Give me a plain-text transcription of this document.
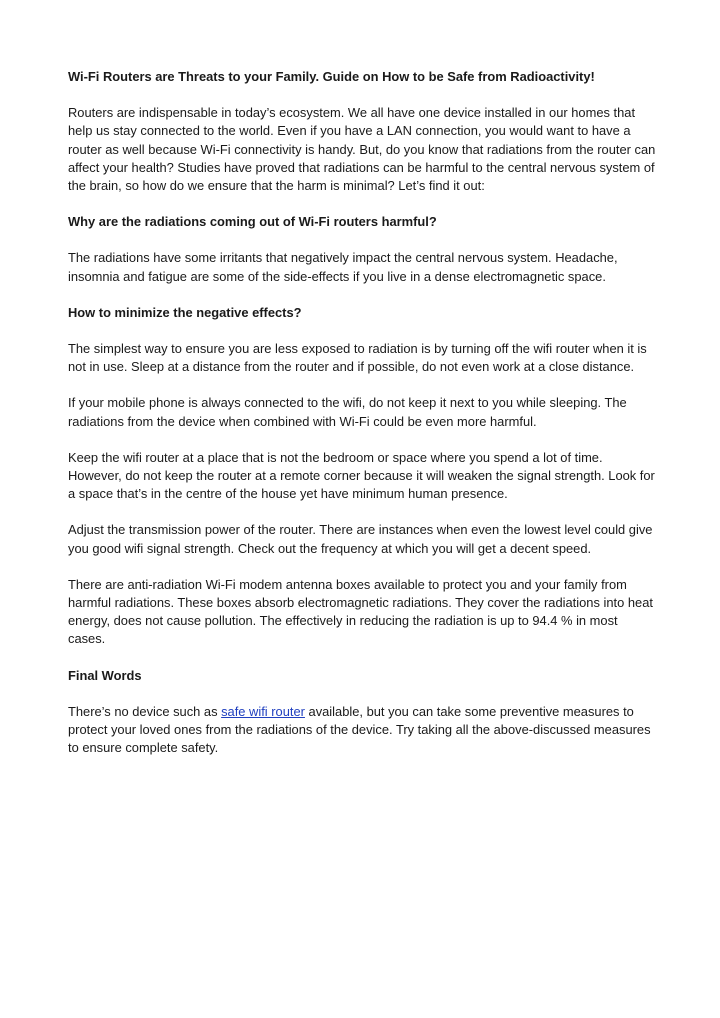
Wi-Fi Routers are Threats to your Family. Guide on How to be Safe from Radioactivity!

Routers are indispensable in today’s ecosystem. We all have one device installed in our homes that help us stay connected to the world. Even if you have a LAN connection, you would want to have a router as well because Wi-Fi connectivity is handy. But, do you know that radiations from the router can affect your health? Studies have proved that radiations can be harmful to the central nervous system of the brain, so how do we ensure that the harm is minimal? Let’s find it out:

Why are the radiations coming out of Wi-Fi routers harmful?

The radiations have some irritants that negatively impact the central nervous system. Headache, insomnia and fatigue are some of the side-effects if you live in a dense electromagnetic space.

How to minimize the negative effects?

The simplest way to ensure you are less exposed to radiation is by turning off the wifi router when it is not in use. Sleep at a distance from the router and if possible, do not even work at a close distance.

If your mobile phone is always connected to the wifi, do not keep it next to you while sleeping. The radiations from the device when combined with Wi-Fi could be even more harmful.

Keep the wifi router at a place that is not the bedroom or space where you spend a lot of time. However, do not keep the router at a remote corner because it will weaken the signal strength. Look for a space that’s in the centre of the house yet have minimum human presence.

Adjust the transmission power of the router. There are instances when even the lowest level could give you good wifi signal strength. Check out the frequency at which you will get a decent speed.

There are anti-radiation Wi-Fi modem antenna boxes available to protect you and your family from harmful radiations. These boxes absorb electromagnetic radiations. They cover the radiations into heat energy, does not cause pollution. The effectively in reducing the radiation is up to 94.4 % in most cases.

Final Words

There’s no device such as safe wifi router available, but you can take some preventive measures to protect your loved ones from the radiations of the device. Try taking all the above-discussed measures to ensure complete safety.
